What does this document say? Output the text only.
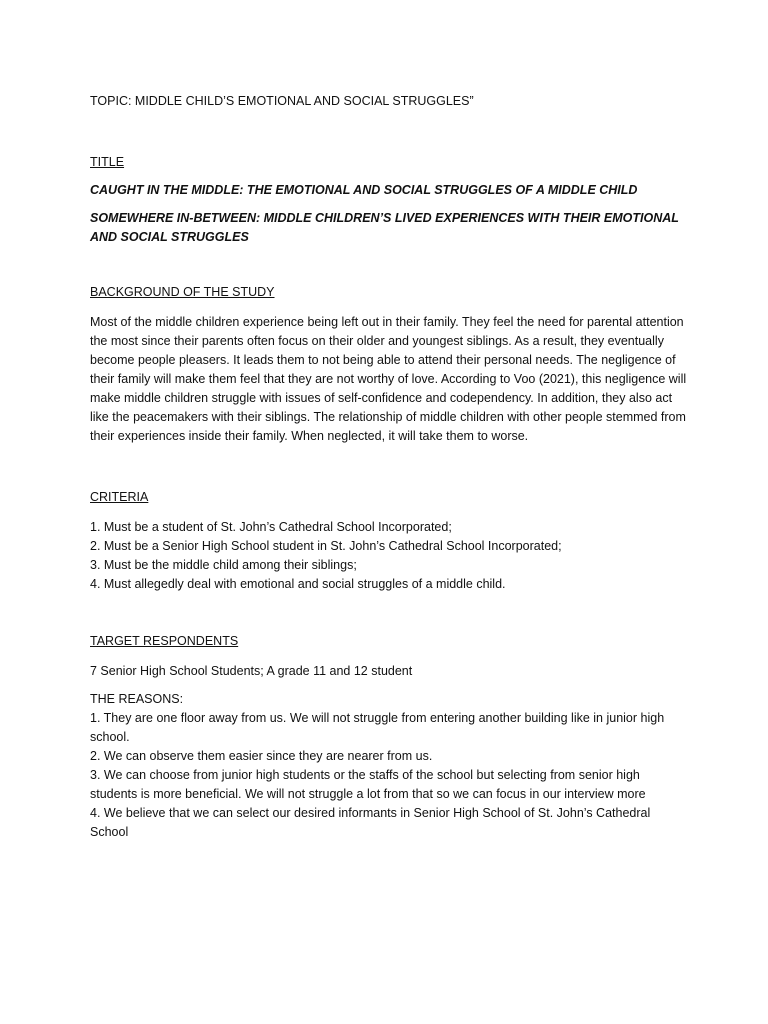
TOPIC: MIDDLE CHILD’S EMOTIONAL AND SOCIAL STRUGGLES”

TITLE

CAUGHT IN THE MIDDLE: THE EMOTIONAL AND SOCIAL STRUGGLES OF A MIDDLE CHILD

SOMEWHERE IN-BETWEEN: MIDDLE CHILDREN’S LIVED EXPERIENCES WITH THEIR EMOTIONAL AND SOCIAL STRUGGLES

BACKGROUND OF THE STUDY

Most of the middle children experience being left out in their family. They feel the need for parental attention the most since their parents often focus on their older and youngest siblings. As a result, they eventually become people pleasers. It leads them to not being able to attend their personal needs. The negligence of their family will make them feel that they are not worthy of love. According to Voo (2021), this negligence will make middle children struggle with issues of self-confidence and codependency. In addition, they also act like the peacemakers with their siblings. The relationship of middle children with other people stemmed from their experiences inside their family. When neglected, it will take them to worse.

CRITERIA

1. Must be a student of St. John’s Cathedral School Incorporated;
2. Must be a Senior High School student in St. John’s Cathedral School Incorporated;
3. Must be the middle child among their siblings;
4. Must allegedly deal with emotional and social struggles of a middle child.

TARGET RESPONDENTS

7 Senior High School Students; A grade 11 and 12 student

THE REASONS:

1. They are one floor away from us. We will not struggle from entering another building like in junior high school.
2. We can observe them easier since they are nearer from us.
3. We can choose from junior high students or the staffs of the school but selecting from senior high students is more beneficial. We will not struggle a lot from that so we can focus in our interview more
4. We believe that we can select our desired informants in Senior High School of St. John’s Cathedral School
